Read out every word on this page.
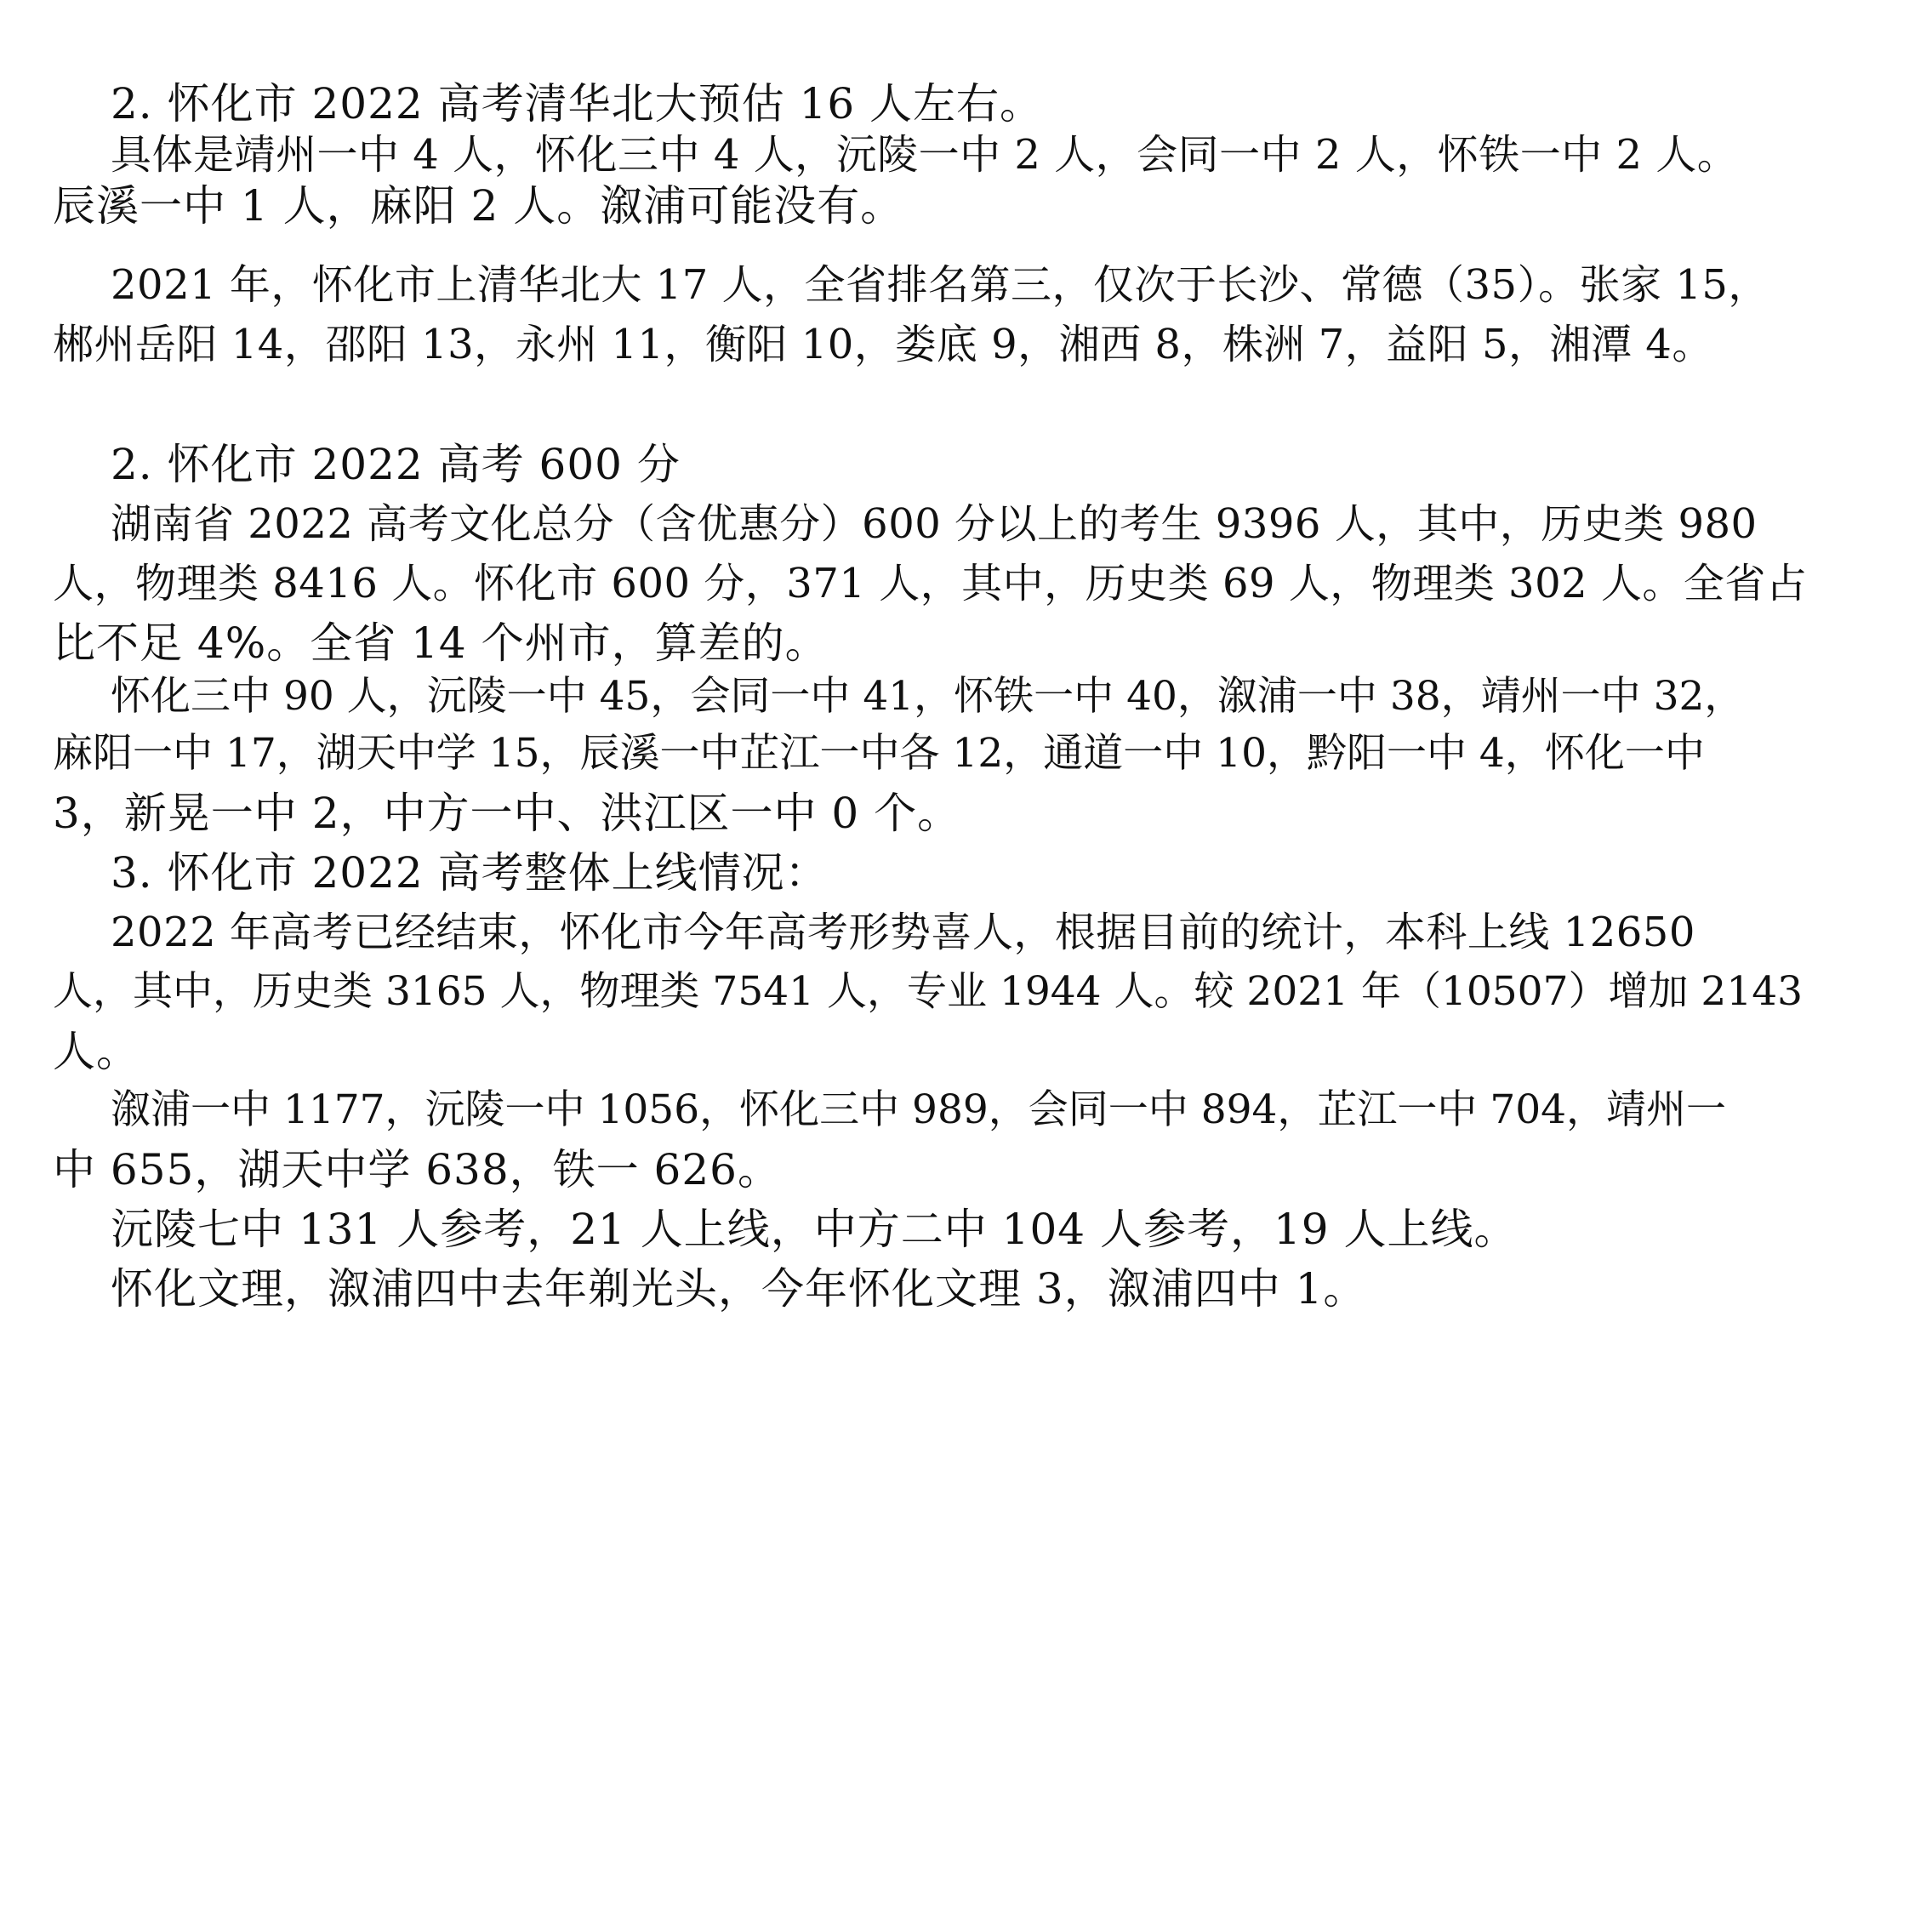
2. 怀化市 2022 高考清华北大预估 16 人左右。
具体是靖州一中 4 人，怀化三中 4 人，沅陵一中 2 人，会同一中 2 人，怀铁一中 2 人。
辰溪一中 1 人，麻阳 2 人。溆浦可能没有。
2021 年，怀化市上清华北大 17 人，全省排名第三，仅次于长沙、常德（35）。张家 15，
郴州岳阳 14，邵阳 13，永州 11，衡阳 10，娄底 9，湘西 8，株洲 7，益阳 5，湘潭 4。
2. 怀化市 2022 高考 600 分
湖南省 2022 高考文化总分（含优惠分）600 分以上的考生 9396 人，其中，历史类 980
人，物理类 8416 人。怀化市 600 分，371 人，其中，历史类 69 人，物理类 302 人。全省占
比不足 4%。全省 14 个州市，算差的。
怀化三中 90 人，沅陵一中 45，会同一中 41，怀铁一中 40，溆浦一中 38，靖州一中 32，
麻阳一中 17，湖天中学 15，辰溪一中芷江一中各 12，通道一中 10，黔阳一中 4，怀化一中
3，新晃一中 2，中方一中、洪江区一中 0 个。
3. 怀化市 2022 高考整体上线情况：
2022 年高考已经结束，怀化市今年高考形势喜人，根据目前的统计，本科上线 12650
人，其中，历史类 3165 人，物理类 7541 人，专业 1944 人。较 2021 年（10507）增加 2143
人。
溆浦一中 1177，沅陵一中 1056，怀化三中 989，会同一中 894，芷江一中 704，靖州一
中 655，湖天中学 638，铁一 626。
沅陵七中 131 人参考，21 人上线，中方二中 104 人参考，19 人上线。
怀化文理，溆浦四中去年剃光头，今年怀化文理 3，溆浦四中 1。
